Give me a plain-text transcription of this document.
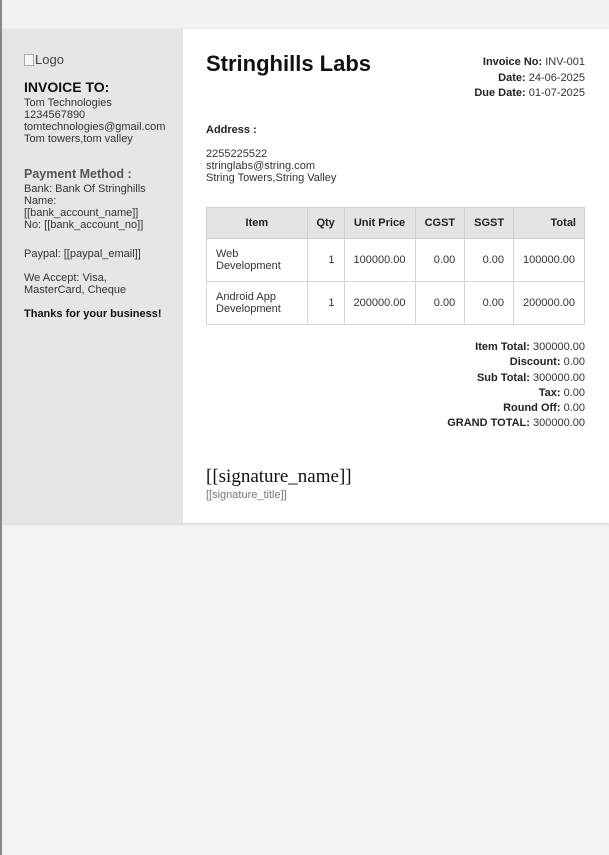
Logo
INVOICE TO:
Tom Technologies
1234567890
tomtechnologies@gmail.com
Tom towers,tom valley
Payment Method :
Bank: Bank Of Stringhills
Name:
[[bank_account_name]]
No: [[bank_account_no]]
Paypal: [[paypal_email]]
We Accept: Visa,
MasterCard, Cheque
Thanks for your business!
Stringhills Labs	Invoice No: INV-001
Date: 24-06-2025
Due Date: 01-07-2025
Address :
2255225522
stringlabs@string.com
String Towers,String Valley
Item	Qty	Unit Price	CGST	SGST	Total

Web
Development	1	100000.00	0.00	0.00	100000.00

Android App
Development	1	200000.00	0.00	0.00	200000.00
Item Total: 300000.00
Discount: 0.00
Sub Total: 300000.00
Tax: 0.00
Round Off: 0.00
GRAND TOTAL: 300000.00
[[signature_name]]
[[signature_title]]
